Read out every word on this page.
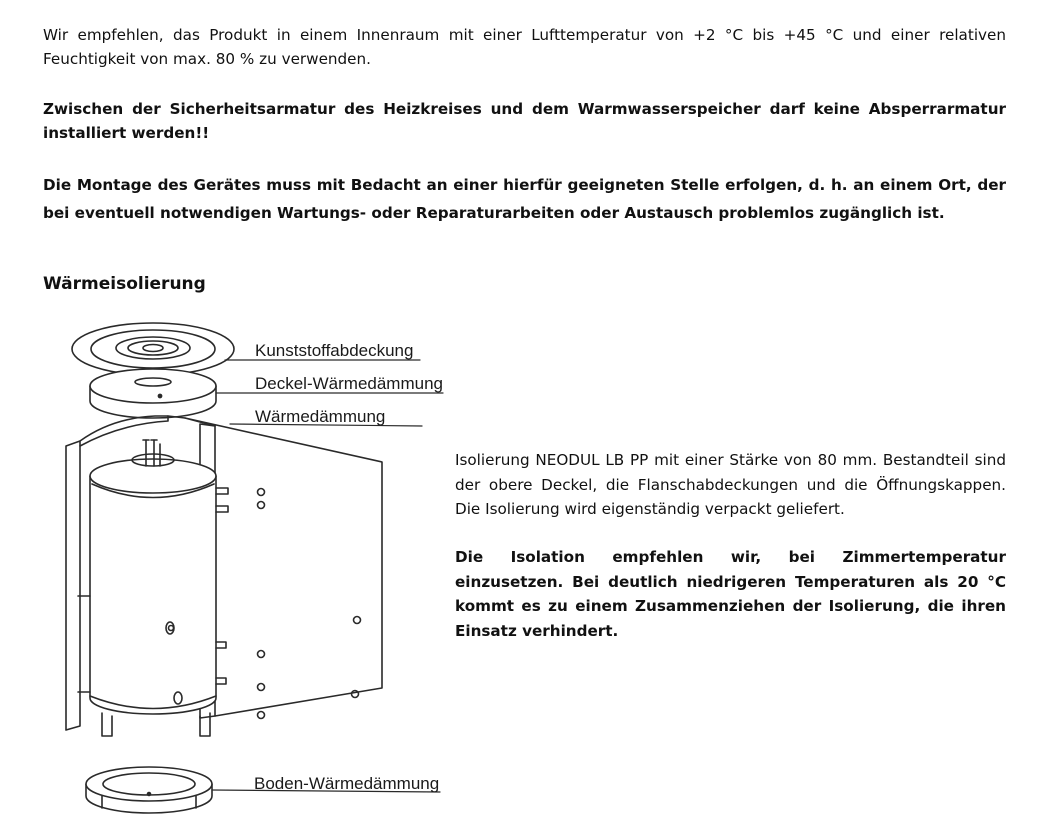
Wir empfehlen, das Produkt in einem Innenraum mit einer Lufttemperatur von +2 °C bis +45 °C und einer relativen Feuchtigkeit von max. 80 % zu verwenden.

Zwischen der Sicherheitsarmatur des Heizkreises und dem Warmwasserspeicher darf keine Absperrarmatur installiert werden!!

Die Montage des Gerätes muss mit Bedacht an einer hierfür geeigneten Stelle erfolgen, d. h. an einem Ort, der bei eventuell notwendigen Wartungs- oder Reparaturarbeiten oder Austausch problemlos zugänglich ist.

Wärmeisolierung
Kunststoffabdeckung
Deckel-Wärmedämmung
Wärmedämmung
Boden-Wärmedämmung

Isolierung NEODUL LB PP mit einer Stärke von 80 mm. Bestandteil sind der obere Deckel, die Flanschabdeckungen und die Öffnungskappen. Die Isolierung wird eigenständig verpackt geliefert.

Die Isolation empfehlen wir, bei Zimmertemperatur einzusetzen. Bei deutlich niedrigeren Temperaturen als 20 °C kommt es zu einem Zusammenziehen der Isolierung, die ihren Einsatz verhindert.
